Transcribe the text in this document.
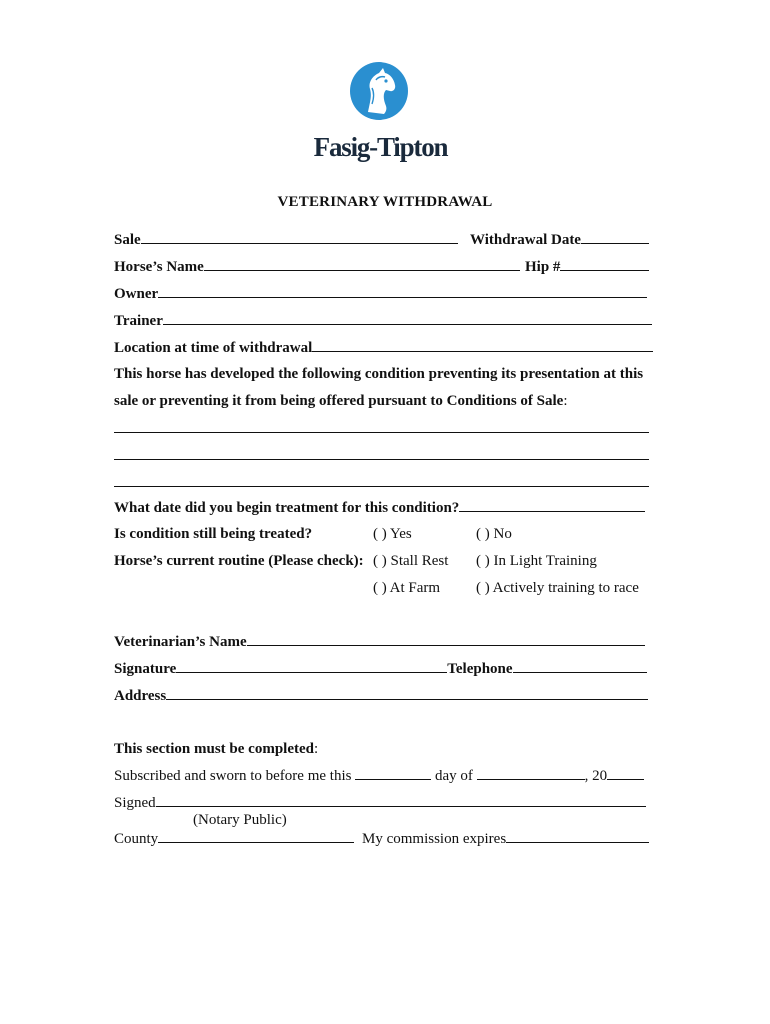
Fasig-Tipton
VETERINARY WITHDRAWAL
Sale	Withdrawal Date
Horse’s Name	Hip #
Owner
Trainer
Location at time of withdrawal
This horse has developed the following condition preventing its presentation at this
sale or preventing it from being offered pursuant to Conditions of Sale:
What date did you begin treatment for this condition?
Is condition still being treated?	( ) Yes	( ) No
Horse’s current routine (Please check): ( ) Stall Rest ( ) In Light Training
( ) At Farm ( ) Actively training to race
Veterinarian’s Name
Signature	Telephone
Address
This section must be completed:
Subscribed and sworn to before me this	day of	, 20
Signed
(Notary Public)
County	My commission expires
